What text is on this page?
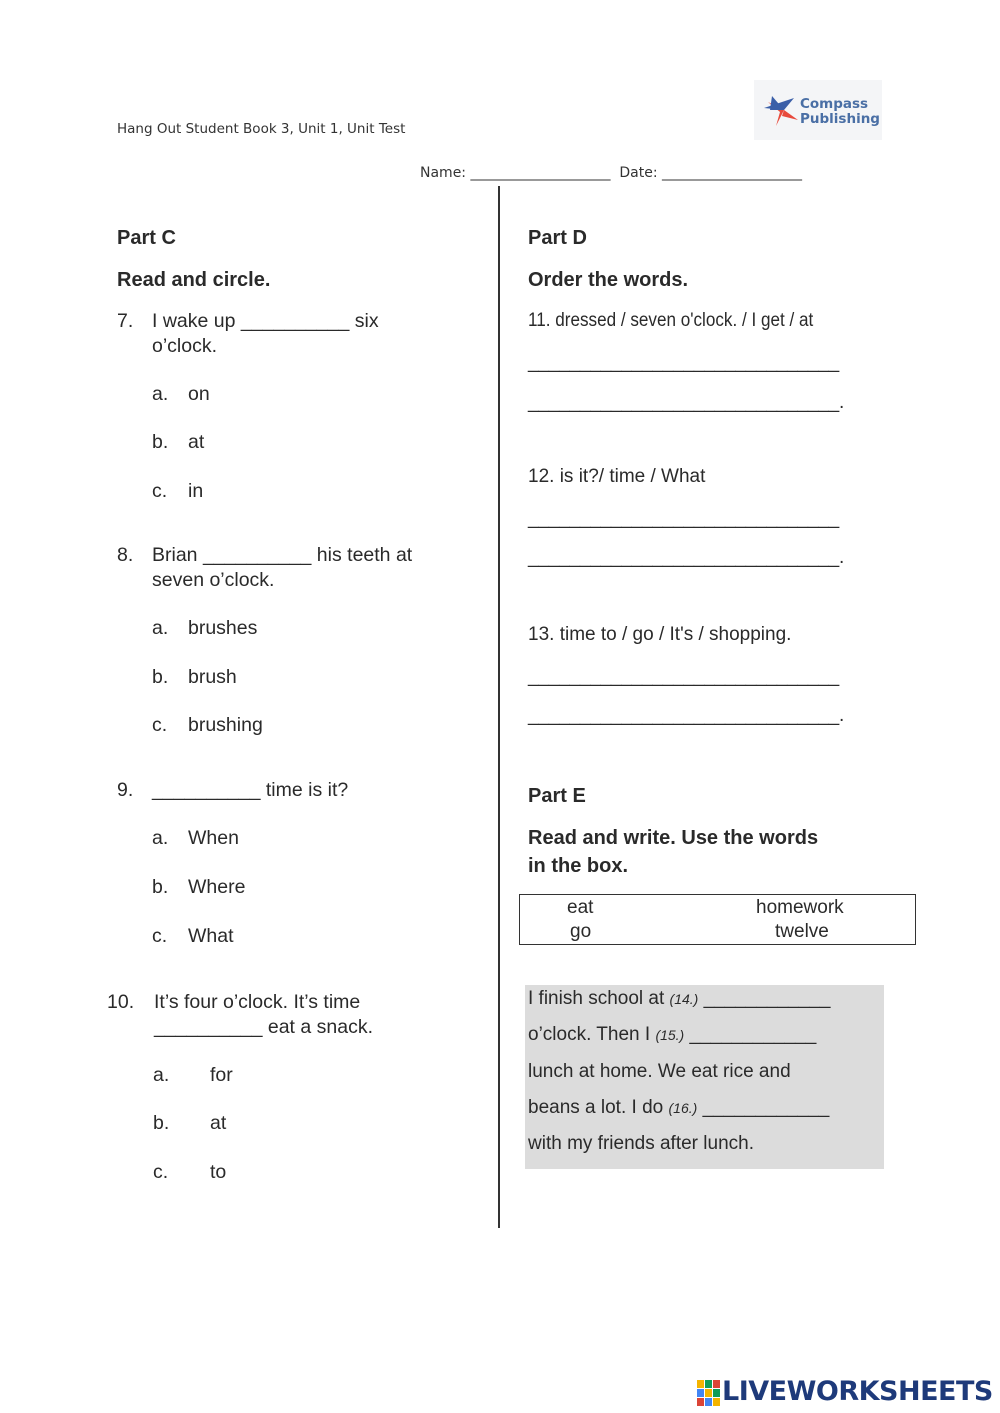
Hang Out Student Book 3, Unit 1, Unit Test
Compass
Publishing
Name: ____________________  Date: ____________________
Part C
Read and circle.
7. I wake up __________ six
o’clock.
a. on
b. at
c. in
8. Brian __________ his teeth at
seven o’clock.
a. brushes
b. brush
c. brushing
9. __________ time is it?
a. When
b. Where
c. What
10. It’s four o’clock. It’s time
__________ eat a snack.
a. for
b. at
c. to
Part D
Order the words.
11. dressed / seven o'clock. / I get / at
______________________________
______________________________.
12. is it?/ time / What
______________________________
______________________________.
13. time to / go / It's / shopping.
______________________________
______________________________.
Part E
Read and write. Use the words
in the box.
eat	homework
go	twelve
I finish school at (14.) ____________
o’clock. Then I (15.) ____________
lunch at home. We eat rice and
beans a lot. I do (16.) ____________
with my friends after lunch.
LIVEWORKSHEETS
